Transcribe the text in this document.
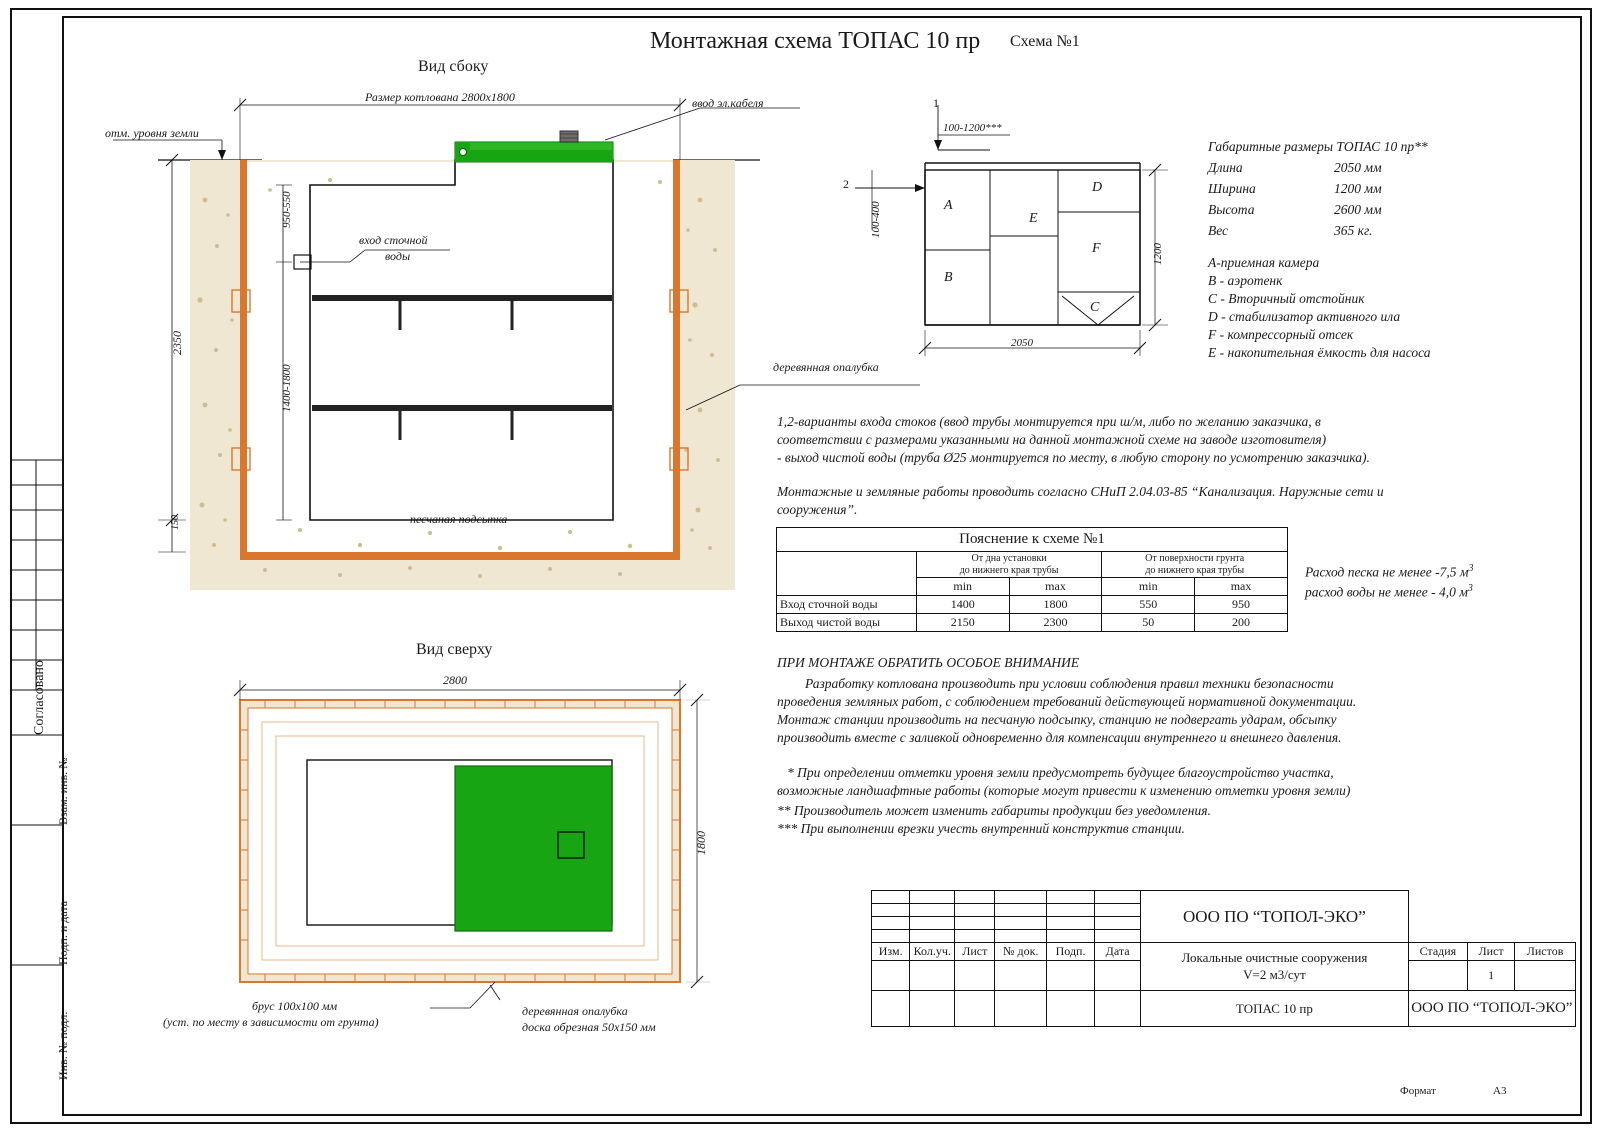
Монтажная схема ТОПАС 10 пр
Вид сбоку
Вид сверху
Схема №1
Размер котлована 2800х1800
отм. уровня земли
ввод эл.кабеля
вход сточной
воды
деревянная опалубка
песчаная подсыпка
950-550
1400-1800
2350
150
1
2
100-1200***
100-400
1200
2050
A
B
C
D
E
F
Габаритные размеры ТОПАС 10 пр**
Длина	2050 мм
Ширина	1200 мм
Высота	2600 мм
Вес	365 кг.
А-приемная камера
В - аэротенк
С - Вторичный отстойник
D - стабилизатор активного ила
F - компрессорный отсек
Е - накопительная ёмкость для насоса
1,2-варианты входа стоков (ввод трубы монтируется при ш/м, либо по желанию заказчика, в
соответствии с размерами указанными на данной монтажной схеме на заводе изготовителя)
- выход чистой воды (труба Ø25 монтируется по месту, в любую сторону по усмотрению заказчика).
Монтажные и земляные работы проводить согласно СНиП 2.04.03-85 “Канализация. Наружные сети и
сооружения”.
ПРИ МОНТАЖЕ ОБРАТИТЬ ОСОБОЕ ВНИМАНИЕ
Разработку котлована производить при условии соблюдения правил техники безопасности
проведения земляных работ, с соблюдением требований действующей нормативной документации.
Монтаж станции производить на песчаную подсыпку, станцию не подвергать ударам, обсыпку
производить вместе с заливкой одновременно для компенсации внутреннего и внешнего давления.
* При определении отметки уровня земли предусмотреть будущее благоустройство участка,
возможные ландшафтные работы (которые могут привести к изменению отметки уровня земли)
** Производитель может изменить габариты продукции без уведомления.
*** При выполнении врезки учесть внутренний конструктив станции.
Расход песка не менее -7,5 $м^3$
расход воды не менее - 4,0 $м^3$
Пояснение к схеме №1				
	От дна установки
до нижнего края трубы		От поверхности грунта
до нижнего края трубы	
	min	max	min	max
Вход сточной воды	1400	1800	550	950
Выход чистой воды	2150	2300	50	200
2800
1800
брус 100х100 мм
(уст. по месту в зависимости от грунта)
деревянная опалубка
доска обрезная 50х150 мм
Согласовано
Взам. инв. №
Подп. и дата
Инв. № подл.
						ООО ПО “ТОПОЛ-ЭКО”			

Изм.	Кол.уч.	Лист	№ док.	Подп.	Дата	Локальные очистные сооружения
V=2 м3/сут	Стадия	Лист	Листов
								1	
						ТОПАС 10 пр	ООО ПО “ТОПОЛ-ЭКО”		
Формат	А3
